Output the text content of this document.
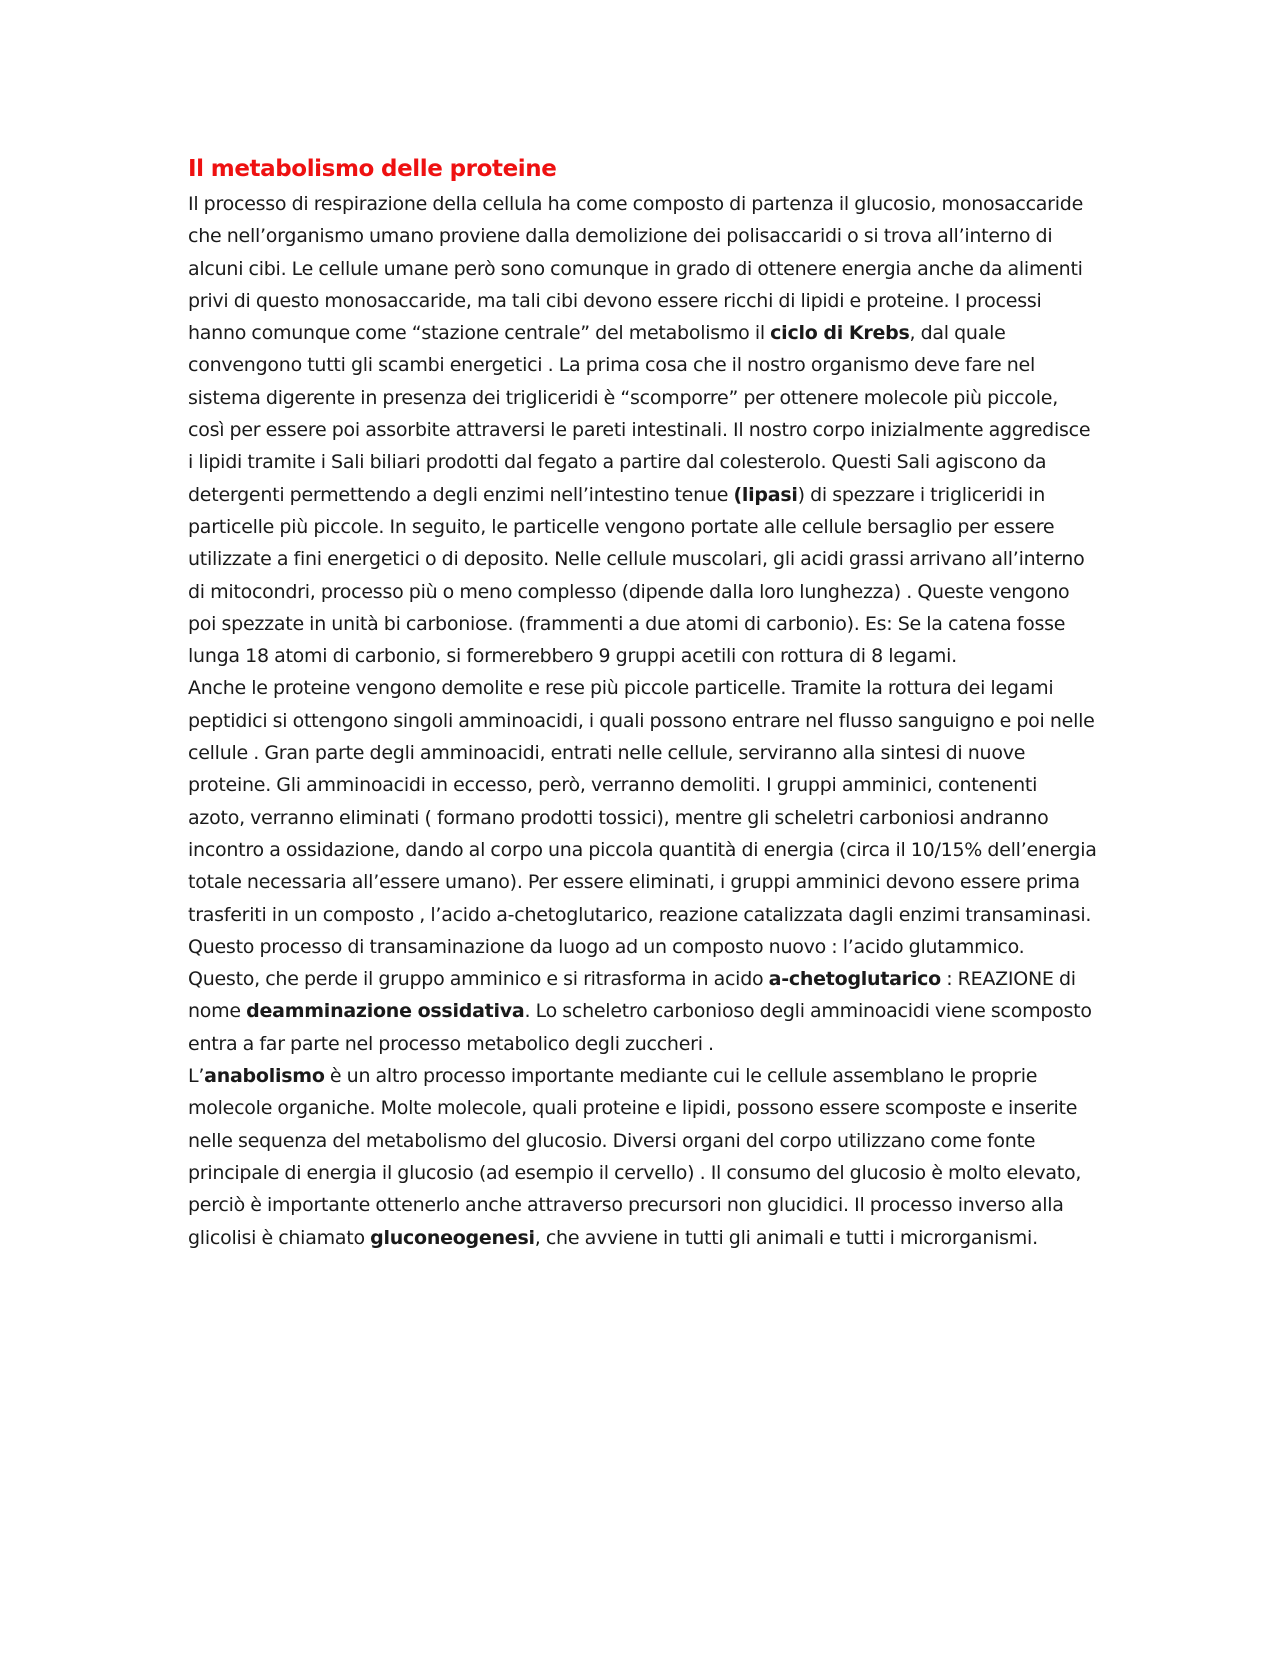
Il metabolismo delle proteine

Il processo di respirazione della cellula ha come composto di partenza il glucosio, monosaccaride che nell’organismo umano proviene dalla demolizione dei polisaccaridi o si trova all’interno di alcuni cibi. Le cellule umane però sono comunque in grado di ottenere energia anche da alimenti privi di questo monosaccaride, ma tali cibi devono essere ricchi di lipidi e proteine. I processi hanno comunque come “stazione centrale” del metabolismo il ciclo di Krebs, dal quale convengono tutti gli scambi energetici . La prima cosa che il nostro organismo deve fare nel sistema digerente in presenza dei trigliceridi è “scomporre” per ottenere molecole più piccole, così per essere poi assorbite attraversi le pareti intestinali. Il nostro corpo inizialmente aggredisce i lipidi tramite i Sali biliari prodotti dal fegato a partire dal colesterolo. Questi Sali agiscono da detergenti permettendo a degli enzimi nell’intestino tenue (lipasi) di spezzare i trigliceridi in particelle più piccole. In seguito, le particelle vengono portate alle cellule bersaglio per essere utilizzate a fini energetici o di deposito. Nelle cellule muscolari, gli acidi grassi arrivano all’interno di mitocondri, processo più o meno complesso (dipende dalla loro lunghezza) . Queste vengono poi spezzate in unità bi carboniose. (frammenti a due atomi di carbonio). Es: Se la catena fosse lunga 18 atomi di carbonio, si formerebbero 9 gruppi acetili con rottura di 8 legami.

Anche le proteine vengono demolite e rese più piccole particelle. Tramite la rottura dei legami peptidici si ottengono singoli amminoacidi, i quali possono entrare nel flusso sanguigno e poi nelle cellule . Gran parte degli amminoacidi, entrati nelle cellule, serviranno alla sintesi di nuove proteine. Gli amminoacidi in eccesso, però, verranno demoliti. I gruppi amminici, contenenti azoto, verranno eliminati ( formano prodotti tossici), mentre gli scheletri carboniosi andranno incontro a ossidazione, dando al corpo una piccola quantità di energia (circa il 10/15% dell’energia totale necessaria all’essere umano). Per essere eliminati, i gruppi amminici devono essere prima trasferiti in un composto , l’acido a-chetoglutarico, reazione catalizzata dagli enzimi transaminasi. Questo processo di transaminazione da luogo ad un composto nuovo : l’acido glutammico. Questo, che perde il gruppo amminico e si ritrasforma in acido a-chetoglutarico : REAZIONE di nome deamminazione ossidativa. Lo scheletro carbonioso degli amminoacidi viene scomposto entra a far parte nel processo metabolico degli zuccheri .

L’anabolismo è un altro processo importante mediante cui le cellule assemblano le proprie molecole organiche. Molte molecole, quali proteine e lipidi, possono essere scomposte e inserite nelle sequenza del metabolismo del glucosio. Diversi organi del corpo utilizzano come fonte principale di energia il glucosio (ad esempio il cervello) . Il consumo del glucosio è molto elevato, perciò è importante ottenerlo anche attraverso precursori non glucidici. Il processo inverso alla glicolisi è chiamato gluconeogenesi, che avviene in tutti gli animali e tutti i microrganismi.
